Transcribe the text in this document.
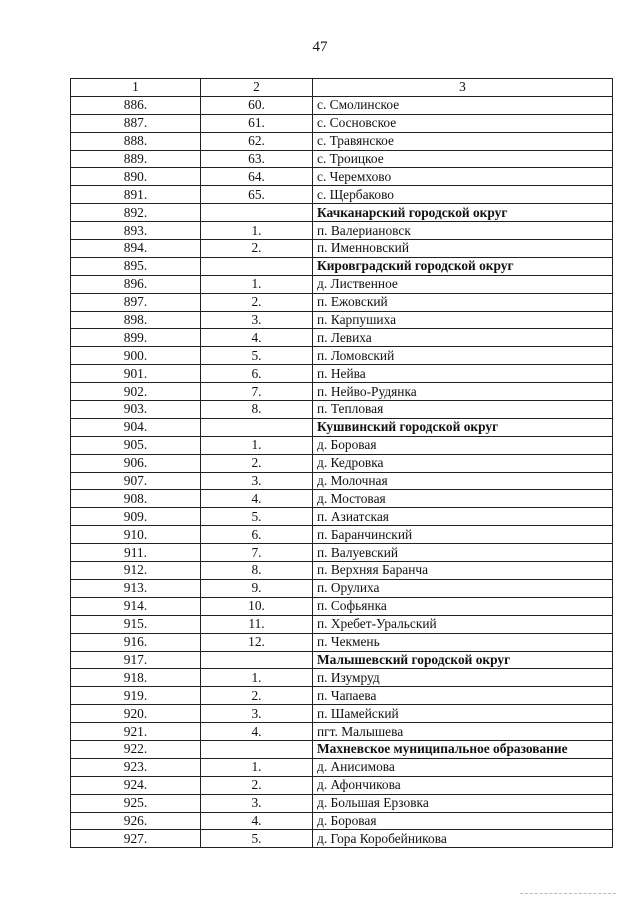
47
1	2	3
886.	60.	с. Смолинское
887.	61.	с. Сосновское
888.	62.	с. Травянское
889.	63.	с. Троицкое
890.	64.	с. Черемхово
891.	65.	с. Щербаково
892.		Качканарский городской округ
893.	1.	п. Валериановск
894.	2.	п. Именновский
895.		Кировградский городской округ
896.	1.	д. Лиственное
897.	2.	п. Ежовский
898.	3.	п. Карпушиха
899.	4.	п. Левиха
900.	5.	п. Ломовский
901.	6.	п. Нейва
902.	7.	п. Нейво-Рудянка
903.	8.	п. Тепловая
904.		Кушвинский городской округ
905.	1.	д. Боровая
906.	2.	д. Кедровка
907.	3.	д. Молочная
908.	4.	д. Мостовая
909.	5.	п. Азиатская
910.	6.	п. Баранчинский
911.	7.	п. Валуевский
912.	8.	п. Верхняя Баранча
913.	9.	п. Орулиха
914.	10.	п. Софьянка
915.	11.	п. Хребет-Уральский
916.	12.	п. Чекмень
917.		Малышевский городской округ
918.	1.	п. Изумруд
919.	2.	п. Чапаева
920.	3.	п. Шамейский
921.	4.	пгт. Малышева
922.		Махневское муниципальное образование
923.	1.	д. Анисимова
924.	2.	д. Афончикова
925.	3.	д. Большая Ерзовка
926.	4.	д. Боровая
927.	5.	д. Гора Коробейникова
